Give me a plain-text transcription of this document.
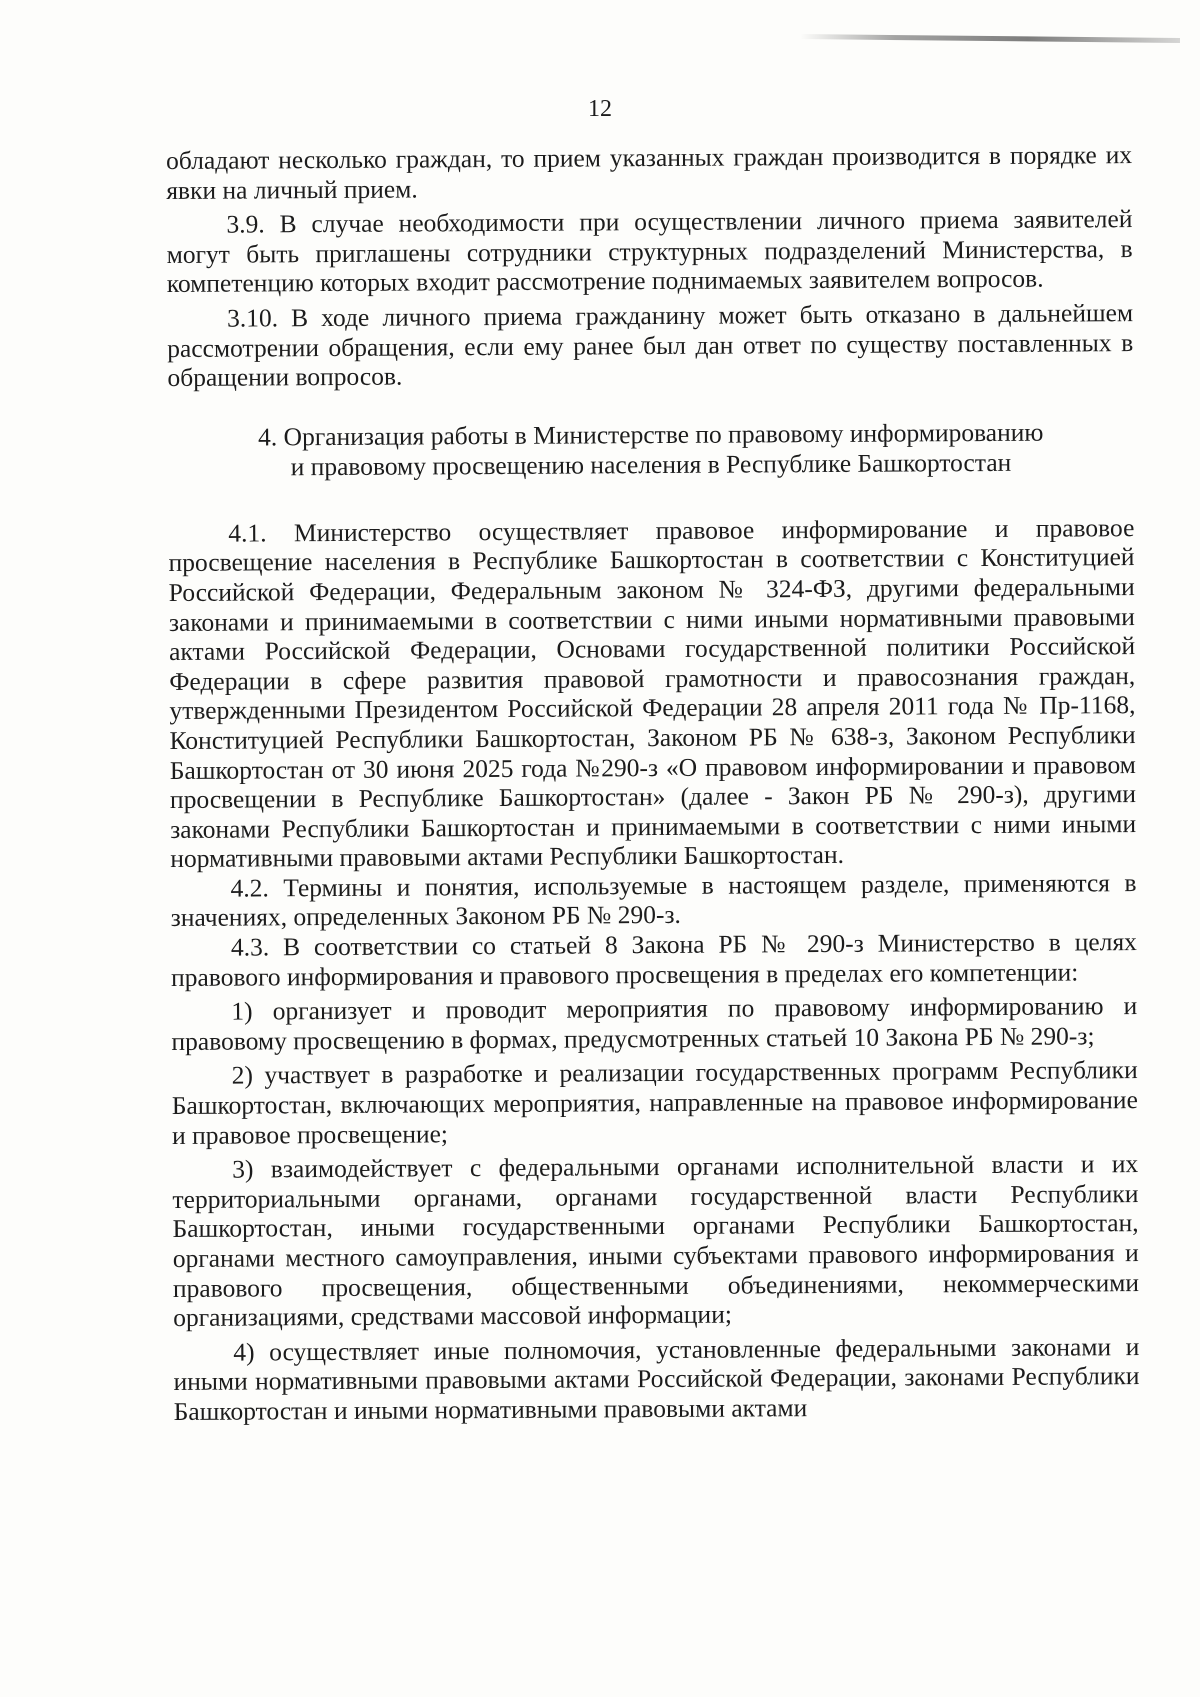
12

обладают несколько граждан, то прием указанных граждан производится в порядке их явки на личный прием.

3.9. В случае необходимости при осуществлении личного приема заявителей могут быть приглашены сотрудники структурных подразделений Министерства, в компетенцию которых входит рассмотрение поднимаемых заявителем вопросов.

3.10. В ходе личного приема гражданину может быть отказано в дальнейшем рассмотрении обращения, если ему ранее был дан ответ по существу поставленных в обращении вопросов.

4. Организация работы в Министерстве по правовому информированию
и правовому просвещению населения в Республике Башкортостан

4.1. Министерство осуществляет правовое информирование и правовое просвещение населения в Республике Башкортостан в соответствии с Конституцией Российской Федерации, Федеральным законом № 324-ФЗ, другими федеральными законами и принимаемыми в соответствии с ними иными нормативными правовыми актами Российской Федерации, Основами государственной политики Российской Федерации в сфере развития правовой грамотности и правосознания граждан, утвержденными Президентом Российской Федерации 28 апреля 2011 года № Пр-1168, Конституцией Республики Башкортостан, Законом РБ № 638-з, Законом Республики Башкортостан от 30 июня 2025 года №290-з «О правовом информировании и правовом просвещении в Республике Башкортостан» (далее - Закон РБ № 290-з), другими законами Республики Башкортостан и принимаемыми в соответствии с ними иными нормативными правовыми актами Республики Башкортостан.

4.2. Термины и понятия, используемые в настоящем разделе, применяются в значениях, определенных Законом РБ № 290-з.

4.3. В соответствии со статьей 8 Закона РБ № 290-з Министерство в целях правового информирования и правового просвещения в пределах его компетенции:

1) организует и проводит мероприятия по правовому информированию и правовому просвещению в формах, предусмотренных статьей 10 Закона РБ № 290-з;

2) участвует в разработке и реализации государственных программ Республики Башкортостан, включающих мероприятия, направленные на правовое информирование и правовое просвещение;

3) взаимодействует с федеральными органами исполнительной власти и их территориальными органами, органами государственной власти Республики Башкортостан, иными государственными органами Республики Башкортостан, органами местного самоуправления, иными субъектами правового информирования и правового просвещения, общественными объединениями, некоммерческими организациями, средствами массовой информации;

4) осуществляет иные полномочия, установленные федеральными законами и иными нормативными правовыми актами Российской Федерации, законами Республики Башкортостан и иными нормативными правовыми актами
